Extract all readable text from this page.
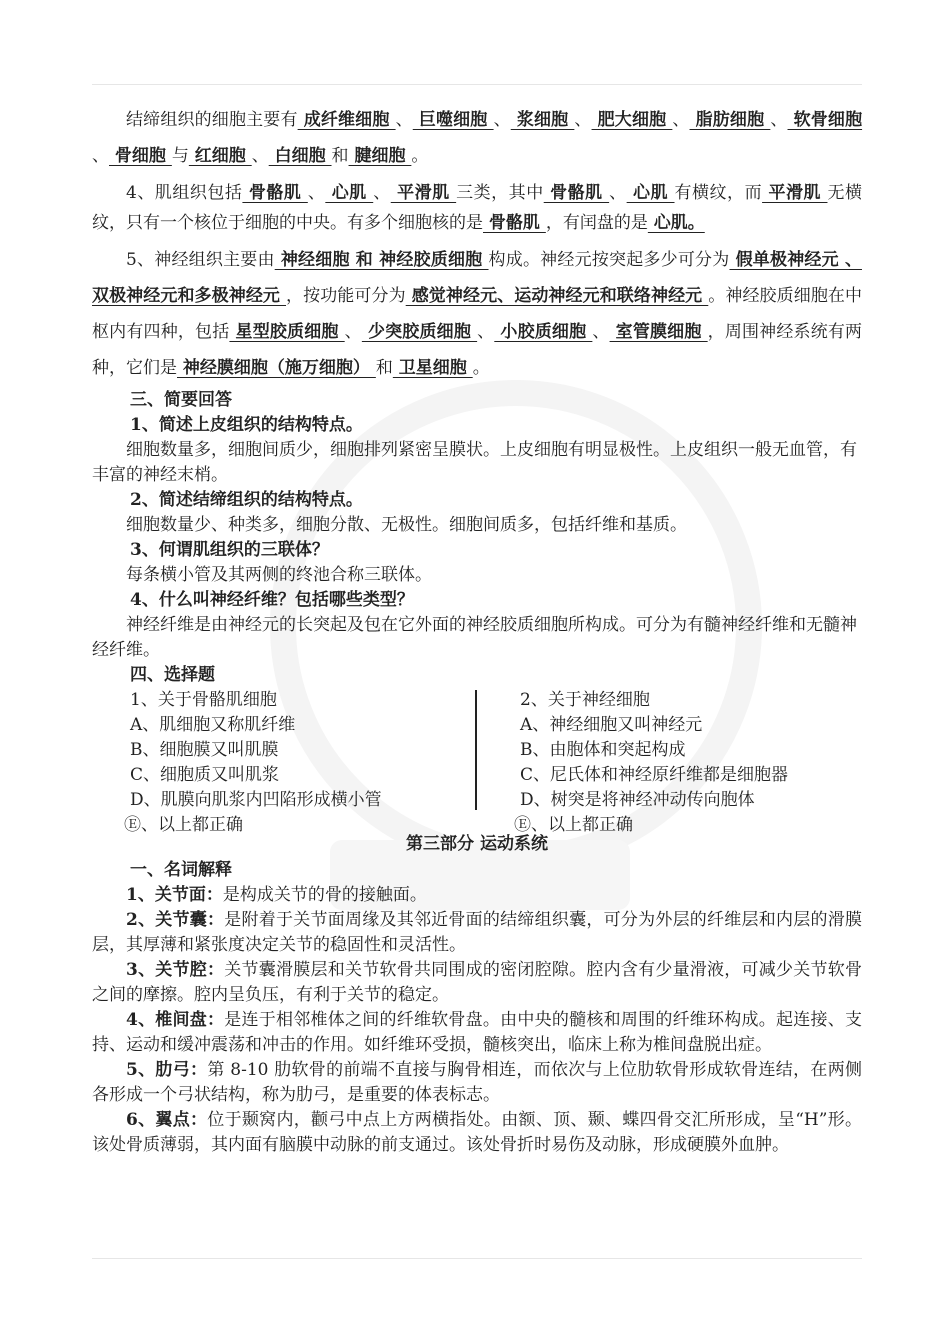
结缔组织的细胞主要有 成纤维细胞 、 巨噬细胞 、 浆细胞 、 肥大细胞 、 脂肪细胞 、 软骨细胞 、 骨细胞 与 红细胞 、 白细胞 和 腱细胞 。

4、肌组织包括 骨骼肌 、 心肌 、 平滑肌 三类，其中 骨骼肌 、 心肌 有横纹，而 平滑肌 无横纹，只有一个核位于细胞的中央。有多个细胞核的是 骨骼肌 ，有闰盘的是 心肌。

5、神经组织主要由 神经细胞 和 神经胶质细胞 构成。神经元按突起多少可分为 假单极神经元 、双极神经元和多极神经元 ，按功能可分为 感觉神经元、运动神经元和联络神经元 。神经胶质细胞在中枢内有四种，包括 星型胶质细胞 、 少突胶质细胞 、 小胶质细胞 、 室管膜细胞 ，周围神经系统有两种，它们是 神经膜细胞（施万细胞） 和 卫星细胞 。

三、简要回答

1、简述上皮组织的结构特点。

细胞数量多，细胞间质少，细胞排列紧密呈膜状。上皮细胞有明显极性。上皮组织一般无血管，有丰富的神经末梢。

2、简述结缔组织的结构特点。

细胞数量少、种类多，细胞分散、无极性。细胞间质多，包括纤维和基质。

3、何谓肌组织的三联体？

每条横小管及其两侧的终池合称三联体。

4、什么叫神经纤维？包括哪些类型？

神经纤维是由神经元的长突起及包在它外面的神经胶质细胞所构成。可分为有髓神经纤维和无髓神经纤维。

四、选择题

1、关于骨骼肌细胞
A、肌细胞又称肌纤维
B、细胞膜又叫肌膜
C、细胞质又叫肌浆
D、肌膜向肌浆内凹陷形成横小管
Ⓔ、以上都正确
2、关于神经细胞
A、神经细胞又叫神经元
B、由胞体和突起构成
C、尼氏体和神经原纤维都是细胞器
D、树突是将神经冲动传向胞体
Ⓔ、以上都正确
第三部分 运动系统

一、名词解释

1、关节面：是构成关节的骨的接触面。

2、关节囊：是附着于关节面周缘及其邻近骨面的结缔组织囊，可分为外层的纤维层和内层的滑膜层，其厚薄和紧张度决定关节的稳固性和灵活性。

3、关节腔：关节囊滑膜层和关节软骨共同围成的密闭腔隙。腔内含有少量滑液，可减少关节软骨之间的摩擦。腔内呈负压，有利于关节的稳定。

4、椎间盘：是连于相邻椎体之间的纤维软骨盘。由中央的髓核和周围的纤维环构成。起连接、支持、运动和缓冲震荡和冲击的作用。如纤维环受损，髓核突出，临床上称为椎间盘脱出症。

5、肋弓：第 8-10 肋软骨的前端不直接与胸骨相连，而依次与上位肋软骨形成软骨连结，在两侧各形成一个弓状结构，称为肋弓，是重要的体表标志。

6、翼点：位于颞窝内，颧弓中点上方两横指处。由额、顶、颞、蝶四骨交汇所形成，呈“H”形。该处骨质薄弱，其内面有脑膜中动脉的前支通过。该处骨折时易伤及动脉，形成硬膜外血肿。
